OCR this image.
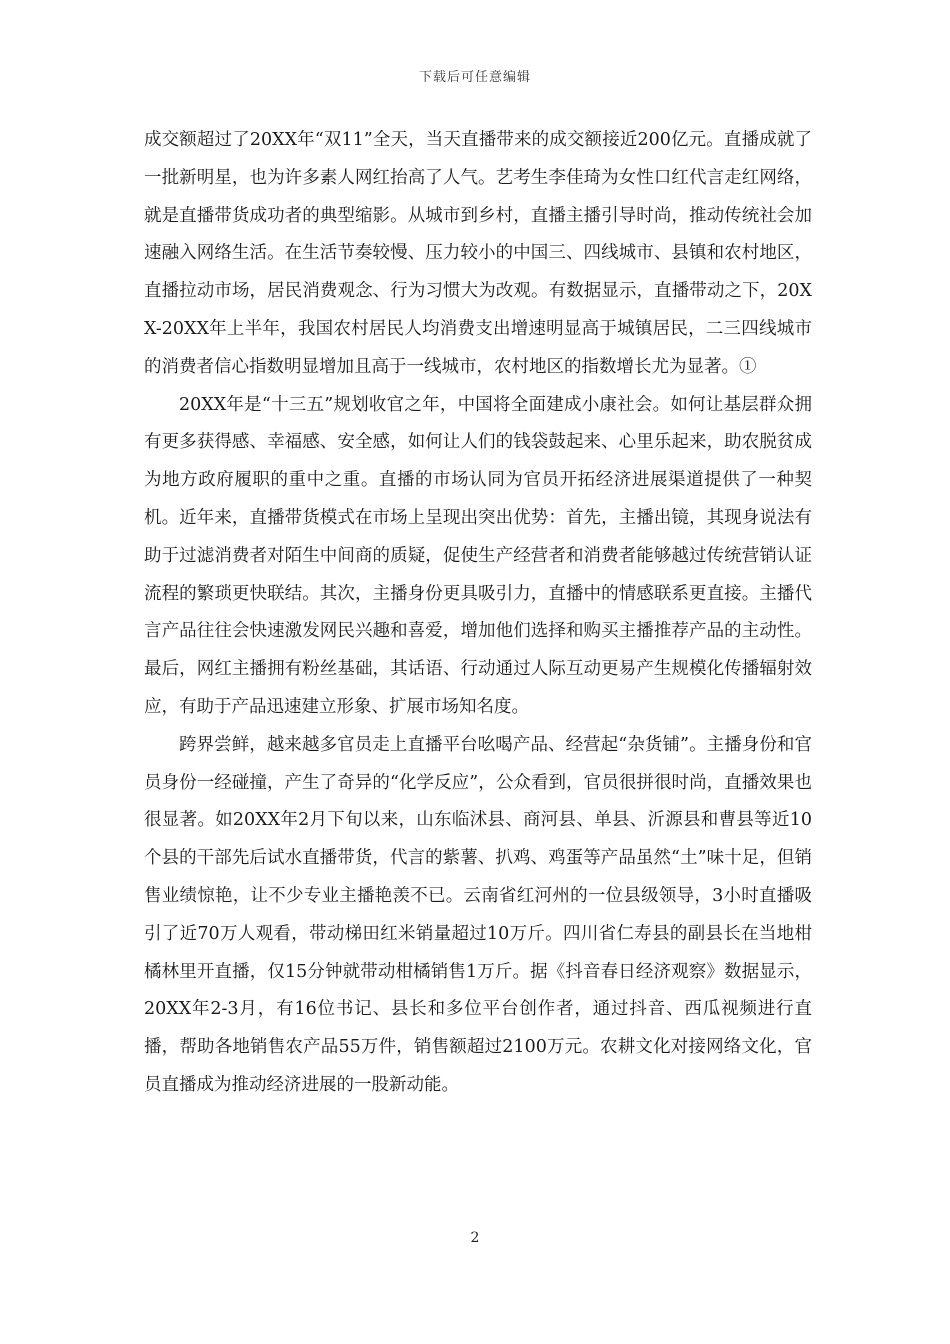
下载后可任意编辑

成交额超过了20XX年“双11”全天，当天直播带来的成交额接近200亿元。直播成就了一批新明星，也为许多素人网红抬高了人气。艺考生李佳琦为女性口红代言走红网络，就是直播带货成功者的典型缩影。从城市到乡村，直播主播引导时尚，推动传统社会加速融入网络生活。在生活节奏较慢、压力较小的中国三、四线城市、县镇和农村地区，直播拉动市场，居民消费观念、行为习惯大为改观。有数据显示，直播带动之下，20XX-20XX年上半年，我国农村居民人均消费支出增速明显高于城镇居民，二三四线城市的消费者信心指数明显增加且高于一线城市，农村地区的指数增长尤为显著。①

20XX年是“十三五”规划收官之年，中国将全面建成小康社会。如何让基层群众拥有更多获得感、幸福感、安全感，如何让人们的钱袋鼓起来、心里乐起来，助农脱贫成为地方政府履职的重中之重。直播的市场认同为官员开拓经济进展渠道提供了一种契机。近年来，直播带货模式在市场上呈现出突出优势：首先，主播出镜，其现身说法有助于过滤消费者对陌生中间商的质疑，促使生产经营者和消费者能够越过传统营销认证流程的繁琐更快联结。其次，主播身份更具吸引力，直播中的情感联系更直接。主播代言产品往往会快速激发网民兴趣和喜爱，增加他们选择和购买主播推荐产品的主动性。最后，网红主播拥有粉丝基础，其话语、行动通过人际互动更易产生规模化传播辐射效应，有助于产品迅速建立形象、扩展市场知名度。

跨界尝鲜，越来越多官员走上直播平台吆喝产品、经营起“杂货铺”。主播身份和官员身份一经碰撞，产生了奇异的“化学反应”，公众看到，官员很拼很时尚，直播效果也很显著。如20XX年2月下旬以来，山东临沭县、商河县、单县、沂源县和曹县等近10个县的干部先后试水直播带货，代言的紫薯、扒鸡、鸡蛋等产品虽然“土”味十足，但销售业绩惊艳，让不少专业主播艳羡不已。云南省红河州的一位县级领导，3小时直播吸引了近70万人观看，带动梯田红米销量超过10万斤。四川省仁寿县的副县长在当地柑橘林里开直播，仅15分钟就带动柑橘销售1万斤。据《抖音春日经济观察》数据显示，20XX年2-3月，有16位书记、县长和多位平台创作者，通过抖音、西瓜视频进行直播，帮助各地销售农产品55万件，销售额超过2100万元。农耕文化对接网络文化，官员直播成为推动经济进展的一股新动能。

2
